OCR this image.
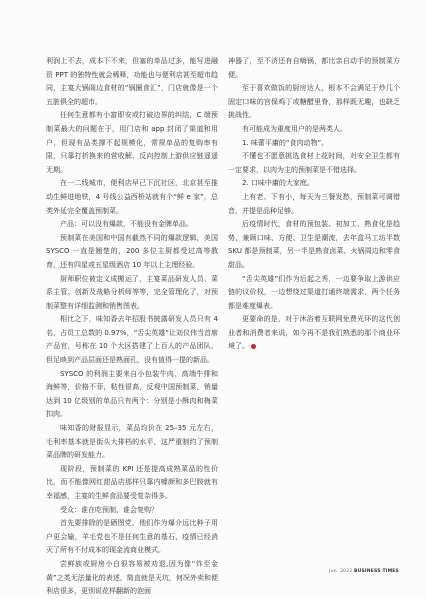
利润上不去，成本下不来，但塞的单品过多，能写进融资 PPT 的独特性就会稀释，功能也与便利店甚至超市趋同，主宴大锅阁边食材的“锅圈食汇”，门店就像是一个五脏俱全的超市。

任何生意都有小富即安或打破边界的纠结，C 端预制菜最大的问题在于，用门店和 app 封闭了渠道和用户，但现有品类撑不起规模化，常规单品的复购率有限，只靠打折换来的营收解，反向控制上游供应链遥遥无期。

在一二线城市，便利店早已下沉社区，北京甚至推动生鲜进地铁，4 号线公益西桥站就有个“鲜 e 家”，总类外延完全覆盖预制菜。

产品：可以没有爆款，不能没有金牌单品。

预制菜在美国和中国有截然不同的爆款逻辑，美国 SYSCO 一直是翘楚的，200 多位主厨都受过高等教育，还有四星或五星级酒店 10 年以上主理经验。

厨师职位被定义成搬运了，主宴菜品研发人员、菜系主管、创新及战略分析师等等，完全管理化了，对预制菜整有详细监测和销售图表。

相比之下，味知香去年招股书披露研发人员只有 4 名，占员工总数的 0.97%，“舌尖英雄”让刘仪伟当首席产品官，号称在 10 个大区搭建了上百人的产品团队，但足映到产品层面还是熟面孔，没有值得一提的新品。

SYSCO 的利润主要来自小包装牛肉、高端牛排和海鲜等，价格不菲，粘性很高，反观中国预制菜，销量达到 10 亿级别的单品只有两个：分别是小酥肉和梅菜扣肉。

味知香的财报显示，菜品均价在 25–35 元左右，毛利率基本就是街头大排档的水平，这严重制约了预制菜品牌的研发能力。

现阶段，预制菜的 KPI 还是提高成熟菜品的性价比，而不能像网红甜品店那样只靠内噱颜和多巴胺就有幸福感，主宴的生鲜食品要受复杂得多。

受众：谁在吃预制，谁会复购？

首先要排除的是硒图党，他们作为爆介远比种子用户更会输，羊毛党也不是任何生意的基石，疫情已经消灭了所有不付成本的现金流商业模式。

尝鲜族或厨房小白很容易被劝退,因为像“炸至金黄”之类无法量化的表述，简直就是天坑，何况外卖和便利店很多，更别说花样翻新的泡面

神器了，至不济还有自嗨锅，都比亲自动手的预制菜方便。

至于喜欢做饭的厨房达人，根本不会满足于炒几个固定口味的宫保鸡丁或糖醋里脊，那样既无趣，也缺乏挑战性。

有可能成为重度用户的是两类人。

1. 味蕾平庸的“食肉动物”。

不懂也不愿意挑选食材上花时间，对安全卫生都有一定要求，以肉为主的预制菜是不错选择。

2. 口味中庸的大家庭。

上有老、下有小，每天为三餐发愁，预制菜可调错音，并提是品种足够。

后疫情时代，食材的预包装、初加工、熟食化是趋势，兼顾口味、方便、卫生是潮流，去年盒马工坊半数 SKU 都是预制菜，另一半是熟食卤菜、火锅周边和零食甜品。

“舌尖英雄”们作为后起之秀，一边要争取上游供应链的议价权，一边想绕过渠道打通终端需求，两个任务都是难度爆表。

更要命的是，对于沐浴着互联网免费光环的这代创业者和消费者来说，如今再不是我们熟悉的那个商业环境了。

Jun. 2022 BUSINESS TIMES
